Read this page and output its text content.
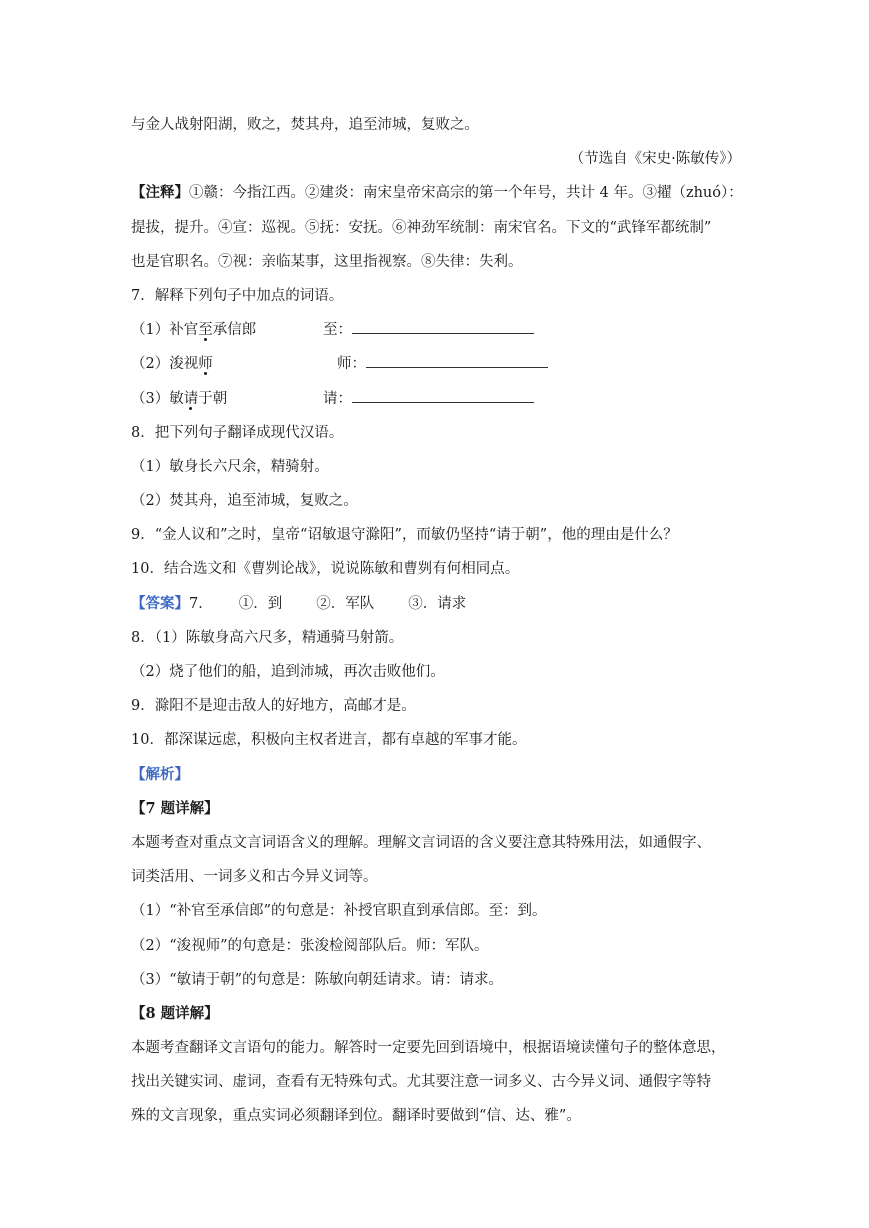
与金人战射阳湖，败之，焚其舟，追至沛城，复败之。
（节选自《宋史·陈敏传》）
【注释】①赣：今指江西。②建炎：南宋皇帝宋高宗的第一个年号，共计 4 年。③擢（zhuó）：
提拔，提升。④宣：巡视。⑤抚：安抚。⑥神劲军统制：南宋官名。下文的“武锋军都统制”
也是官职名。⑦视：亲临某事，这里指视察。⑧失律：失利。
7．解释下列句子中加点的词语。
（1）补官至承信郎	至：
（2）浚视师	师：
（3）敏请于朝	请：
8．把下列句子翻译成现代汉语。
（1）敏身长六尺余，精骑射。
（2）焚其舟，追至沛城，复败之。
9．“金人议和”之时，皇帝“诏敏退守滁阳”，而敏仍坚持“请于朝”，他的理由是什么？
10．结合选文和《曹刿论战》，说说陈敏和曹刿有何相同点。
【答案】7． ①．到 ②．军队 ③．请求
8．（1）陈敏身高六尺多，精通骑马射箭。
（2）烧了他们的船，追到沛城，再次击败他们。
9．滁阳不是迎击敌人的好地方，高邮才是。
10．都深谋远虑，积极向主权者进言，都有卓越的军事才能。
【解析】
【7 题详解】
本题考查对重点文言词语含义的理解。理解文言词语的含义要注意其特殊用法，如通假字、
词类活用、一词多义和古今异义词等。
（1）“补官至承信郎”的句意是：补授官职直到承信郎。至：到。
（2）“浚视师”的句意是：张浚检阅部队后。师：军队。
（3）“敏请于朝”的句意是：陈敏向朝廷请求。请：请求。
【8 题详解】
本题考查翻译文言语句的能力。解答时一定要先回到语境中，根据语境读懂句子的整体意思，
找出关键实词、虚词，查看有无特殊句式。尤其要注意一词多义、古今异义词、通假字等特
殊的文言现象，重点实词必须翻译到位。翻译时要做到“信、达、雅”。
